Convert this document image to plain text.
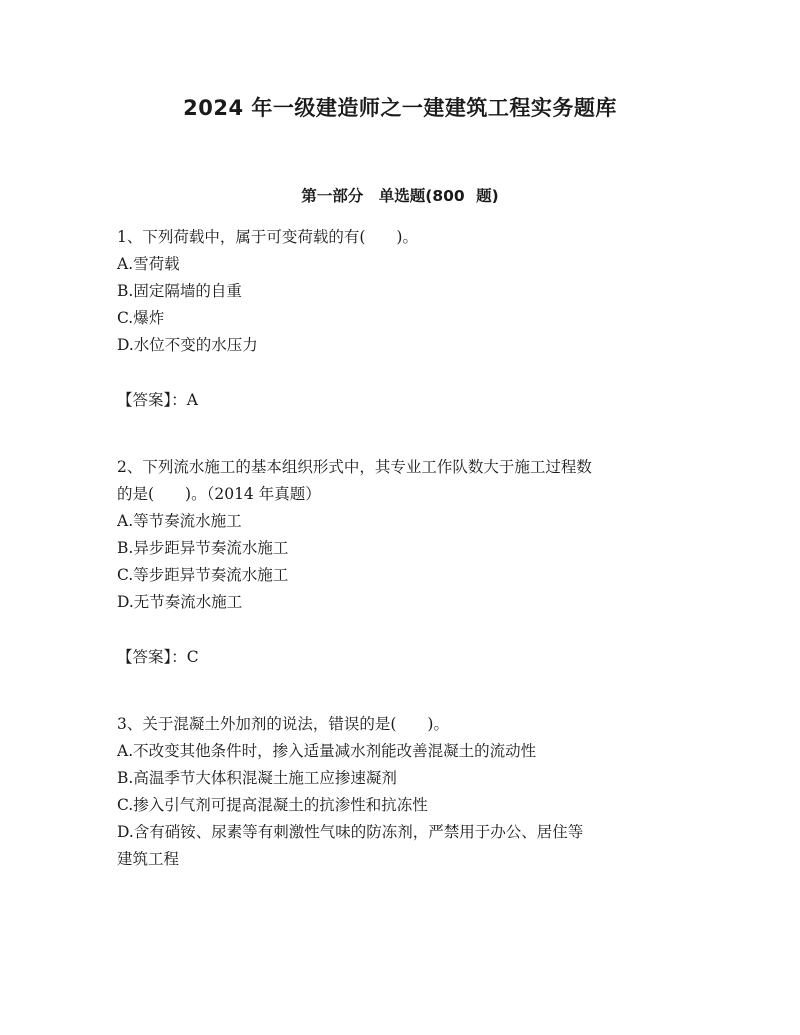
2024 年一级建造师之一建建筑工程实务题库
第一部分　单选题(800 题)
1、下列荷载中，属于可变荷载的有(　　)。
A.雪荷载
B.固定隔墙的自重
C.爆炸
D.水位不变的水压力
【答案】：A
2、下列流水施工的基本组织形式中，其专业工作队数大于施工过程数
的是(　　)。（2014 年真题）
A.等节奏流水施工
B.异步距异节奏流水施工
C.等步距异节奏流水施工
D.无节奏流水施工
【答案】：C
3、关于混凝土外加剂的说法，错误的是(　　)。
A.不改变其他条件时，掺入适量减水剂能改善混凝土的流动性
B.高温季节大体积混凝土施工应掺速凝剂
C.掺入引气剂可提高混凝土的抗渗性和抗冻性
D.含有硝铵、尿素等有刺激性气味的防冻剂，严禁用于办公、居住等
建筑工程
